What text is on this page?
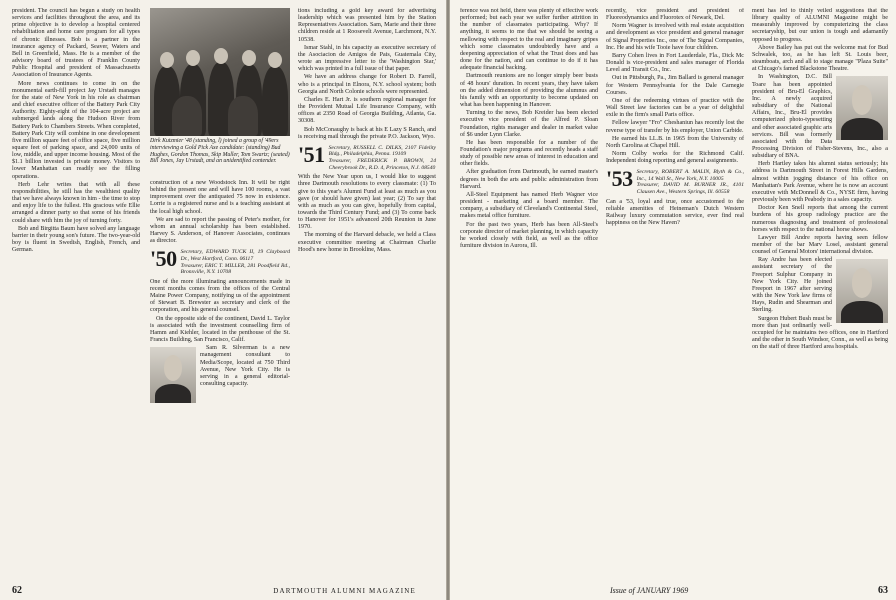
president. The council has begun a study on health services and facilities throughout the area, and its prime objective is to develop a hospital centered rehabilitation and home care program for all types of chronic illnesses. Bob is a partner in the insurance agency of Packard, Seaver, Waters and Bell in Greenfield, Mass. He is a member of the advisory board of trustees of Franklin County Public Hospital and president of Massachusetts Association of Insurance Agents.

More news continues to come in on the monumental earth-fill project Jay Urstadt manages for the state of New York in his role as chairman and chief executive officer of the Battery Park City Authority. Eighty-eight of the 104-acre project are submerged lands along the Hudson River from Battery Park to Chambers Streets. When completed, Battery Park City will combine in one development five million square feet of office space, five million square feet of parking space, and 24,000 units of low, middle, and upper income housing. Most of the $1.1 billion invested is private money. Visitors to lower Manhattan can readily see the filling operations.

Herb Lehr writes that with all these responsibilities, he still has the wealthiest quality that we have always known in him - the time to stop and enjoy life to the fullest. His gracious wife Ellie arranged a dinner party so that some of his friends could share with him the joy of turning forty.

Bob and Birgitta Baum have solved any language barrier in their young son's future. The two-year-old boy is fluent in Swedish, English, French, and German.

Dirk Kutzmier '48 (standing, l) joined a group of '49ers interviewing a Gold Pick Axe candidate: (standing) Bud Hughes, Gordon Thomas, Skip Muller, Tom Swartz; (seated) Bill Jones, Jay Urstadt, and an unidentified contender.

construction of a new Woodstock Inn. It will be right behind the present one and will have 100 rooms, a vast improvement over the antiquated 75 now in existence. Lorrie is a registered nurse and is a teaching assistant at the local high school.

We are sad to report the passing of Peter's mother, for whom an annual scholarship has been established. Harvey S. Anderson, of Hanover Associates, continues as director.

'50 Secretary, EDWARD TUCK II, 19 Clayboard Dr., West Hartford, Conn. 06117
Treasurer, ERIC T. MILLER, 281 Poodfield Rd., Bronxville, N.Y. 10708

One of the more illuminating announcements made in recent months comes from the offices of the Central Maine Power Company, notifying us of the appointment of Stewart B. Brewster as secretary and clerk of the corporation, and his general counsel.

On the opposite side of the continent, David L. Taylor is associated with the investment counselling firm of Hamm and Kiehler, located in the penthouse of the St. Francis Building, San Francisco, Calif.

Sam R. Silverman is a new management consultant to Media/Scope, located at 750 Third Avenue, New York City. He is serving in a general editorial-consulting capacity.

tions including a gold key award for advertising leadership which was presented him by the Station Representatives Association. Sam, Marie and their three children reside at 1 Roosevelt Avenue, Larchmont, N.Y. 10538.

Ismar Stahl, in his capacity as executive secretary of the Asociacion de Amigos de Pais, Guatemala City, wrote an impressive letter to the 'Washington Star,' which was printed in a full issue of that paper.

We have an address change for Robert D. Farrell, who is a principal in Elnora, N.Y. school system; both Georgia and North Colonie schools were represented.

Charles E. Hart Jr. is southern regional manager for the Provident Mutual Life Insurance Company, with offices at 2350 Road of Georgia Building, Atlanta, Ga. 30308.

Bob McConaughy is back at his E Lazy S Ranch, and is receiving mail through the private P.O. Jackson, Wyo.

'51 Secretary, RUSSELL C. DILKS, 2107 Fidelity Bldg., Philadelphia, Penna. 19109
Treasurer, FREDERICK P. BROWN, 24 Cheerybrook Dr., R.D. 4, Princeton, N.J. 08540

With the New Year upon us, I would like to suggest three Dartmouth resolutions to every classmate: (1) To give to this year's Alumni Fund at least as much as you gave (or should have given) last year; (2) To say that with as much as you can give, hopefully from capital, towards the Third Century Fund; and (3) To come back to Hanover for 1951's advanced 20th Reunion in June 1970.

The morning of the Harvard debacle, we held a Class executive committee meeting at Chairman Charlie Hood's new home in Brookline, Mass.

62	DARTMOUTH ALUMNI MAGAZINE

ference was not held, there was plenty of effective work performed; but each year we suffer further attrition in the number of classmates participating. Why? If anything, it seems to me that we should be seeing a mellowing with respect to the real and imaginary gripes which some classmates undoubtedly have and a deepening appreciation of what the Trust does and has done for the nation, and can continue to do if it has adequate financial backing.

Dartmouth reunions are no longer simply beer busts of 48 hours' duration. In recent years, they have taken on the added dimension of providing the alumnus and his family with an opportunity to become updated on what has been happening in Hanover.

Turning to the news, Bob Kreider has been elected executive vice president of the Alfred P. Sloan Foundation, rights manager and dealer in market value of $6 under Lynn Clarke.

He has been responsible for a number of the Foundation's major programs and recently heads a staff study of possible new areas of interest in education and other fields.

After graduation from Dartmouth, he earned master's degrees in both the arts and public administration from Harvard.

All-Steel Equipment has named Herb Wagner vice president - marketing and a board member. The company, a subsidiary of Cleveland's Continental Steel, makes metal office furniture.

For the past two years, Herb has been All-Steel's corporate director of market planning, in which capacity he worked closely with field, as well as the office furniture division in Aurora, Ill.

recently, vice president and president of Fluoreodynamics and Fluorotex of Newark, Del.

Norm Wagner is involved with real estate acquisition and development as vice president and general manager of Signal Properties Inc., one of The Signal Companies, Inc. He and his wife Tooie have four children.

Barry Cohen lives in Fort Lauderdale, Fla., Dick Mc Donald is vice-president and sales manager of Florida Level and Transit Co., Inc.

Out in Pittsburgh, Pa., Jim Ballard is general manager for Western Pennsylvania for the Dale Carnegie Courses.

One of the redeeming virtues of practice with the Wall Street law factories can be a year of delightful exile in the firm's small Paris office.

Fellow lawyer "Fro" Cheshaniun has recently lost the reverse type of transfer by his employer, Union Carbide.

He earned his LL.B. in 1965 from the University of North Carolina at Chapel Hill.

Norm Colby works for the Richmond Calif. Independent doing reporting and general assignments.

'53 Secretary, ROBERT A. MALIN, Blyth & Co., Inc., 14 Wall St., New York, N.Y. 10005
Treasurer, DAVID M. BURNER JR., 4101 Clausen Ave., Western Springs, Ill. 60558

Can a '53, loyal and true, once accustomed to the reliable amenities of Heineman's Dutch Western Railway luxury commutation service, ever find real happiness on the New Haven?

ment has led to thinly veiled suggestions that the library quality of ALUMNI Magazine might be measurably improved by computerizing the class secretaryship, but our union is tough and adamantly opposed to progress.

Above Bailey has put out the welcome mat for Bud Schwalek, too, as he has left St. Louis beer, steamboats, arch and all to stage manage "Plaza Suite" at Chicago's famed Blackstone Theatre.

In Washington, D.C. Bill Toare has been appointed president of Bru-El Graphics, Inc. A newly acquired subsidiary of the National Affairs, Inc., Bru-El provides computerized photo-typesetting and other associated graphic arts services. Bill was formerly associated with the Data Processing Division of Fisher-Stevens, Inc., also a subsidiary of BNA.

Herb Hartley takes his alumni status seriously; his address is Dartmouth Street in Forest Hills Gardens, almost within jogging distance of his office on Manhattan's Park Avenue, where he is now an account executive with McDonnell & Co., NYSE firm, having previously been with Peabody in a sales capacity.

Doctor Ken Snell reports that among the current burdens of his group radiology practice are the numerous diagnosing and treatment of professional horses with respect to the national horse shows.

Lawyer Bill Andre reports having seen fellow member of the bar Marv Losel, assistant general counsel of General Motors' international division.

Ray Andre has been elected assistant secretary of the Freeport Sulphur Company in New York City. He joined Freeport in 1967 after serving with the New York law firms of Hays, Rudin and Shearman and Sterling.

Surgeon Hubert Bush must be more than just ordinarily well-occupied for he maintains two offices, one in Hartford and the other in South Windsor, Conn., as well as being on the staff of three Hartford area hospitals.

Issue of JANUARY 1969	63
